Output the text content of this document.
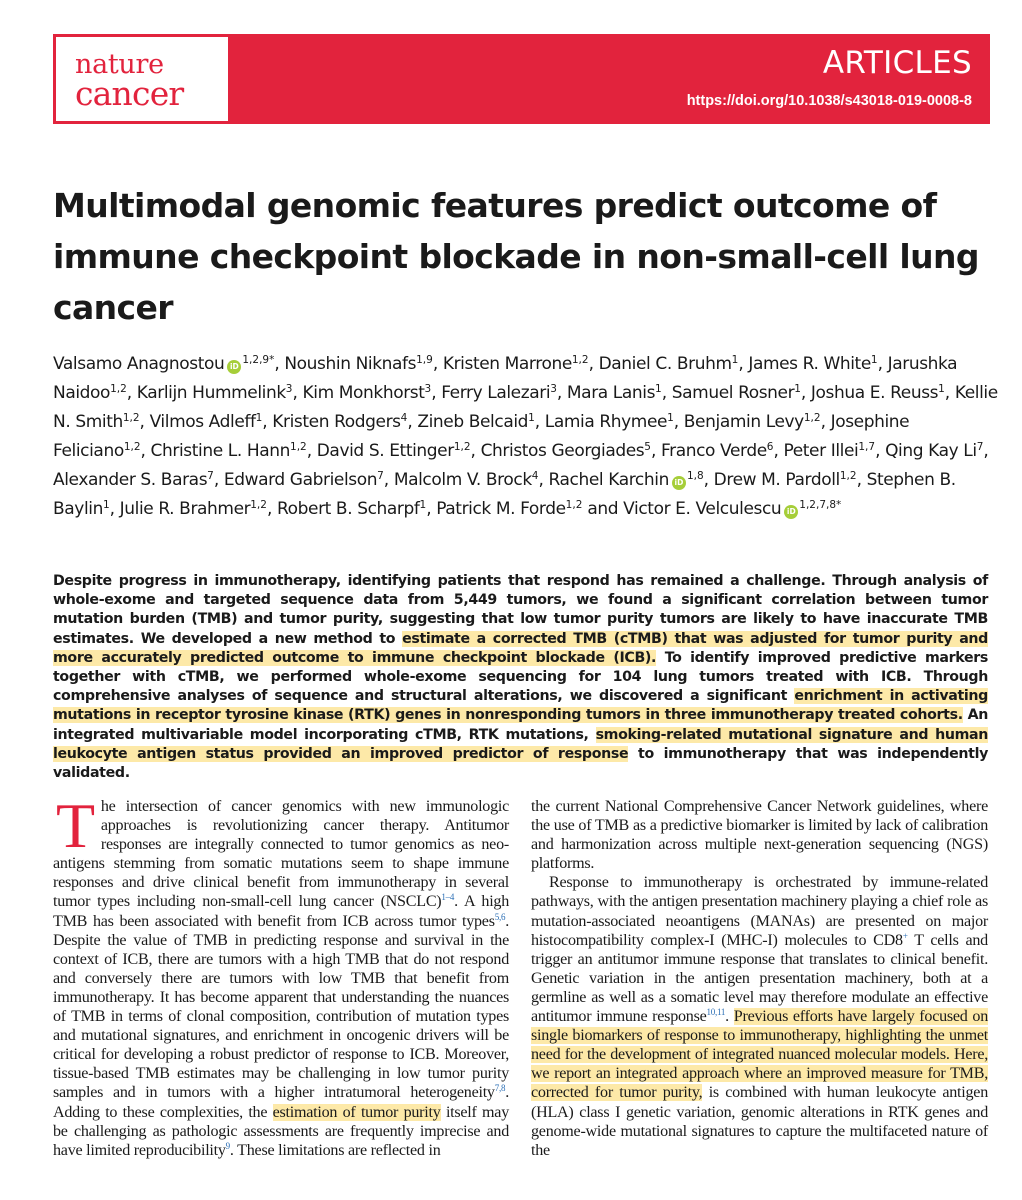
nature
cancer
ARTICLES
https://doi.org/10.1038/s43018-019-0008-8
Multimodal genomic features predict outcome of immune checkpoint blockade in non-small-cell lung cancer

Valsamo Anagnostou $iD^{1,2,9*}$, Noushin Niknafs$^{1,9}$, Kristen Marrone$^{1,2}$, Daniel C. Bruhm$^1$, James R. White$^1$, Jarushka Naidoo$^{1,2}$, Karlijn Hummelink$^3$, Kim Monkhorst$^3$, Ferry Lalezari$^3$, Mara Lanis$^1$, Samuel Rosner$^1$, Joshua E. Reuss$^1$, Kellie N. Smith$^{1,2}$, Vilmos Adleff$^1$, Kristen Rodgers$^4$, Zineb Belcaid$^1$, Lamia Rhymee$^1$, Benjamin Levy$^{1,2}$, Josephine Feliciano$^{1,2}$, Christine L. Hann$^{1,2}$, David S. Ettinger$^{1,2}$, Christos Georgiades$^5$, Franco Verde$^6$, Peter Illei$^{1,7}$, Qing Kay Li$^7$, Alexander S. Baras$^7$, Edward Gabrielson$^7$, Malcolm V. Brock$^4$, Rachel Karchin iD$^{1,8}$, Drew M. Pardoll$^{1,2}$, Stephen B. Baylin$^1$, Julie R. Brahmer$^{1,2}$, Robert B. Scharpf$^1$, Patrick M. Forde$^{1,2}$ and Victor E. Velculescu $iD^{1,2,7,8*}$

Despite progress in immunotherapy, identifying patients that respond has remained a challenge. Through analysis of whole-exome and targeted sequence data from 5,449 tumors, we found a significant correlation between tumor mutation burden (TMB) and tumor purity, suggesting that low tumor purity tumors are likely to have inaccurate TMB estimates. We developed a new method to estimate a corrected TMB (cTMB) that was adjusted for tumor purity and more accurately predicted outcome to immune checkpoint blockade (ICB). To identify improved predictive markers together with cTMB, we performed whole-exome sequencing for 104 lung tumors treated with ICB. Through comprehensive analyses of sequence and structural alterations, we discovered a significant enrichment in activating mutations in receptor tyrosine kinase (RTK) genes in nonresponding tumors in three immunotherapy treated cohorts. An integrated multivariable model incorporating cTMB, RTK mutations, smoking-related mutational signature and human leukocyte antigen status provided an improved predictor of response to immunotherapy that was independently validated.

T he intersection of cancer genomics with new immunologic approaches is revolutionizing cancer therapy. Antitumor responses are integrally connected to tumor genomics as neo-antigens stemming from somatic mutations seem to shape immune responses and drive clinical benefit from immunotherapy in several tumor types including non-small-cell lung cancer (NSCLC)$^{1-4}$. A high TMB has been associated with benefit from ICB across tumor types$^{5,6}$. Despite the value of TMB in predicting response and survival in the context of ICB, there are tumors with a high TMB that do not respond and conversely there are tumors with low TMB that benefit from immunotherapy. It has become apparent that understanding the nuances of TMB in terms of clonal composition, contribution of mutation types and mutational signatures, and enrichment in oncogenic drivers will be critical for developing a robust predictor of response to ICB. Moreover, tissue-based TMB estimates may be challenging in low tumor purity samples and in tumors with a higher intratumoral heterogeneity$^{7,8}$. Adding to these complexities, the estimation of tumor purity itself may be challenging as pathologic assessments are frequently imprecise and have limited reproducibility$^9$. These limitations are reflected in

the current National Comprehensive Cancer Network guidelines, where the use of TMB as a predictive biomarker is limited by lack of calibration and harmonization across multiple next-generation sequencing (NGS) platforms.

Response to immunotherapy is orchestrated by immune-related pathways, with the antigen presentation machinery playing a chief role as mutation-associated neoantigens (MANAs) are presented on major histocompatibility complex-I (MHC-I) molecules to CD8+ T cells and trigger an antitumor immune response that translates to clinical benefit. Genetic variation in the antigen presentation machinery, both at a germline as well as a somatic level may therefore modulate an effective antitumor immune response$^{10,11}$. Previous efforts have largely focused on single biomarkers of response to immunotherapy, highlighting the unmet need for the development of integrated nuanced molecular models. Here, we report an integrated approach where an improved measure for TMB, corrected for tumor purity, is combined with human leukocyte antigen (HLA) class I genetic variation, genomic alterations in RTK genes and genome-wide mutational signatures to capture the multifaceted nature of the
